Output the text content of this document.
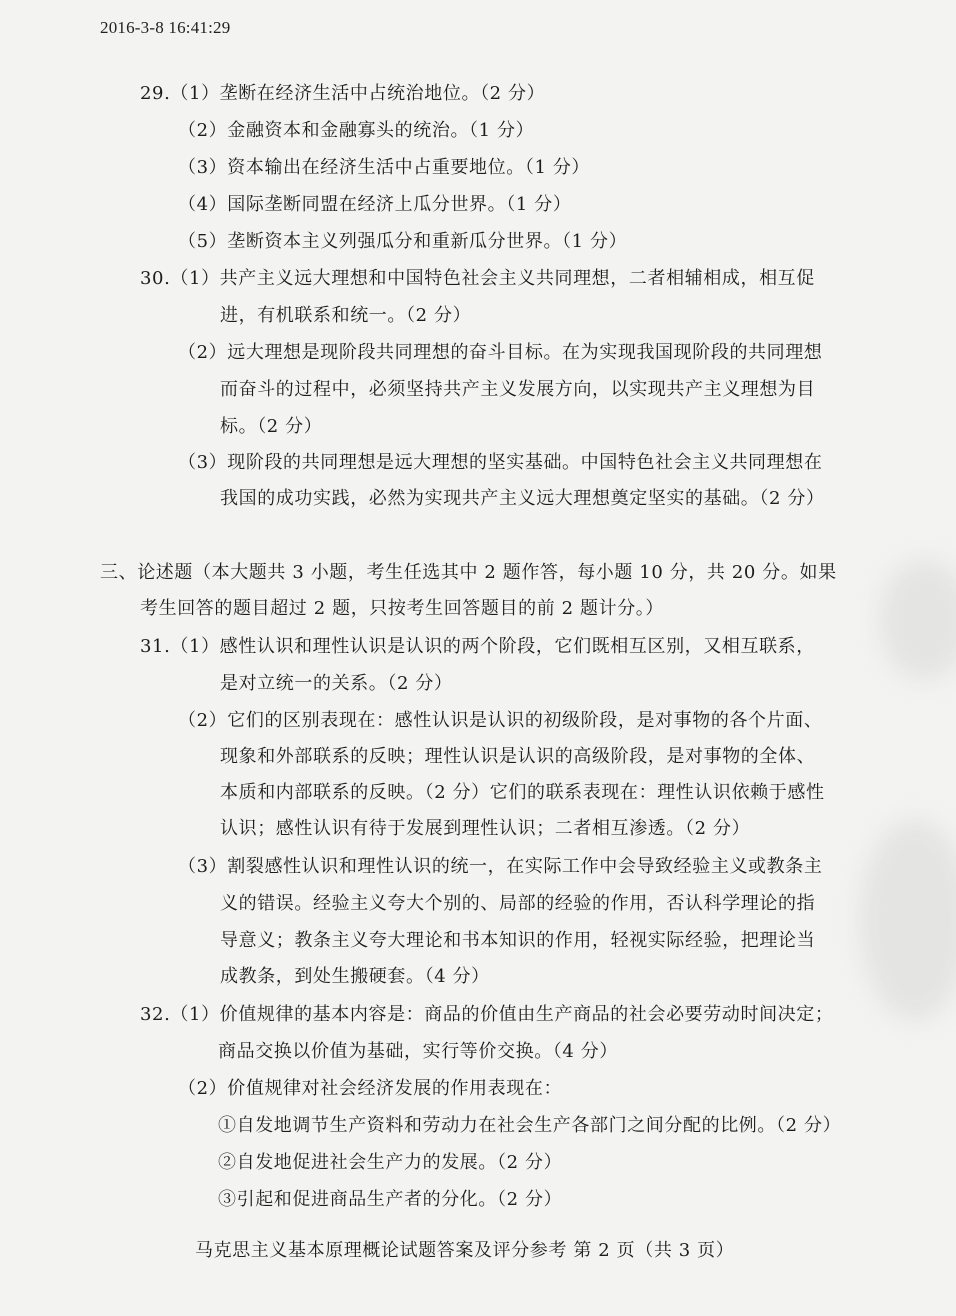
2016-3-8 16:41:29
29.（1）垄断在经济生活中占统治地位。（2 分）
（2）金融资本和金融寡头的统治。（1 分）
（3）资本输出在经济生活中占重要地位。（1 分）
（4）国际垄断同盟在经济上瓜分世界。（1 分）
（5）垄断资本主义列强瓜分和重新瓜分世界。（1 分）
30.（1）共产主义远大理想和中国特色社会主义共同理想，二者相辅相成，相互促
进，有机联系和统一。（2 分）
（2）远大理想是现阶段共同理想的奋斗目标。在为实现我国现阶段的共同理想
而奋斗的过程中，必须坚持共产主义发展方向，以实现共产主义理想为目
标。（2 分）
（3）现阶段的共同理想是远大理想的坚实基础。中国特色社会主义共同理想在
我国的成功实践，必然为实现共产主义远大理想奠定坚实的基础。（2 分）
三、论述题（本大题共 3 小题，考生任选其中 2 题作答，每小题 10 分，共 20 分。如果
考生回答的题目超过 2 题，只按考生回答题目的前 2 题计分。）
31.（1）感性认识和理性认识是认识的两个阶段，它们既相互区别，又相互联系，
是对立统一的关系。（2 分）
（2）它们的区别表现在：感性认识是认识的初级阶段，是对事物的各个片面、
现象和外部联系的反映；理性认识是认识的高级阶段，是对事物的全体、
本质和内部联系的反映。（2 分）它们的联系表现在：理性认识依赖于感性
认识；感性认识有待于发展到理性认识；二者相互渗透。（2 分）
（3）割裂感性认识和理性认识的统一，在实际工作中会导致经验主义或教条主
义的错误。经验主义夸大个别的、局部的经验的作用，否认科学理论的指
导意义；教条主义夸大理论和书本知识的作用，轻视实际经验，把理论当
成教条，到处生搬硬套。（4 分）
32.（1）价值规律的基本内容是：商品的价值由生产商品的社会必要劳动时间决定；
商品交换以价值为基础，实行等价交换。（4 分）
（2）价值规律对社会经济发展的作用表现在：
①自发地调节生产资料和劳动力在社会生产各部门之间分配的比例。（2 分）
②自发地促进社会生产力的发展。（2 分）
③引起和促进商品生产者的分化。（2 分）
马克思主义基本原理概论试题答案及评分参考 第 2 页（共 3 页）
